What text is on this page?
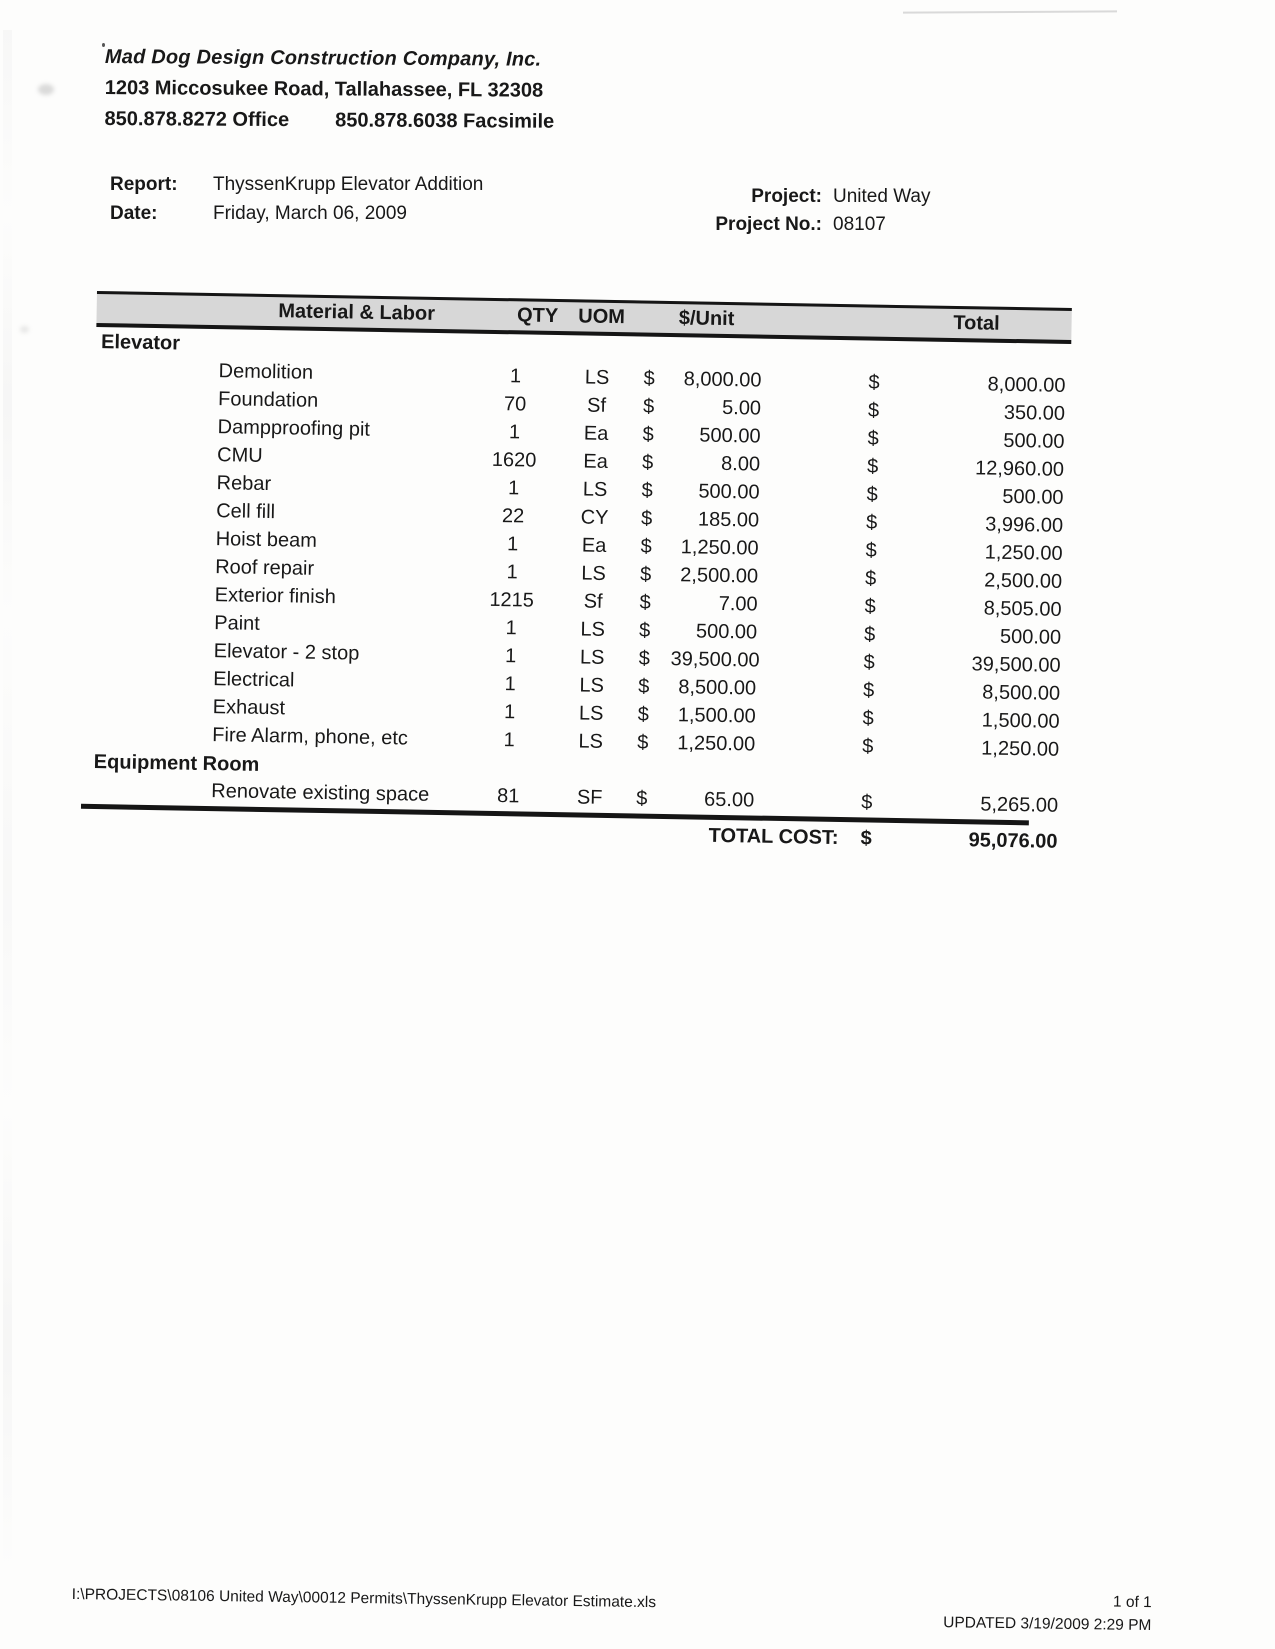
Mad Dog Design Construction Company, Inc.
1203 Miccosukee Road, Tallahassee, FL 32308
850.878.8272 Office 850.878.6038 Facsimile
Report: ThyssenKrupp Elevator Addition
Date:	Friday, March 06, 2009
Project: United Way
Project No.: 08107
Material & Labor	QTY UOM	$/Unit	Total
Elevator
Demolition	1	LS	$	8,000.00	$	8,000.00
Foundation	70	Sf	$	5.00	$	350.00
Dampproofing pit	1	Ea	$	500.00	$	500.00
CMU	1620	Ea	$	8.00	$	12,960.00
Rebar	1	LS	$	500.00	$	500.00
Cell fill	22	CY	$	185.00	$	3,996.00
Hoist beam	1	Ea	$	1,250.00	$	1,250.00
Roof repair	1	LS	$	2,500.00	$	2,500.00
Exterior finish	1215	Sf	$	7.00	$	8,505.00
Paint	1	LS	$	500.00	$	500.00
Elevator - 2 stop	1	LS	$	39,500.00	$	39,500.00
Electrical	1	LS	$	8,500.00	$	8,500.00
Exhaust	1	LS	$	1,500.00	$	1,500.00
Fire Alarm, phone, etc	1	LS	$	1,250.00	$	1,250.00
Equipment Room
Renovate existing space	81	SF	$	65.00	$	5,265.00
TOTAL COST:	$	95,076.00
I:\PROJECTS\08106 United Way\00012 Permits\ThyssenKrupp Elevator Estimate.xls	1 of 1
UPDATED 3/19/2009 2:29 PM
